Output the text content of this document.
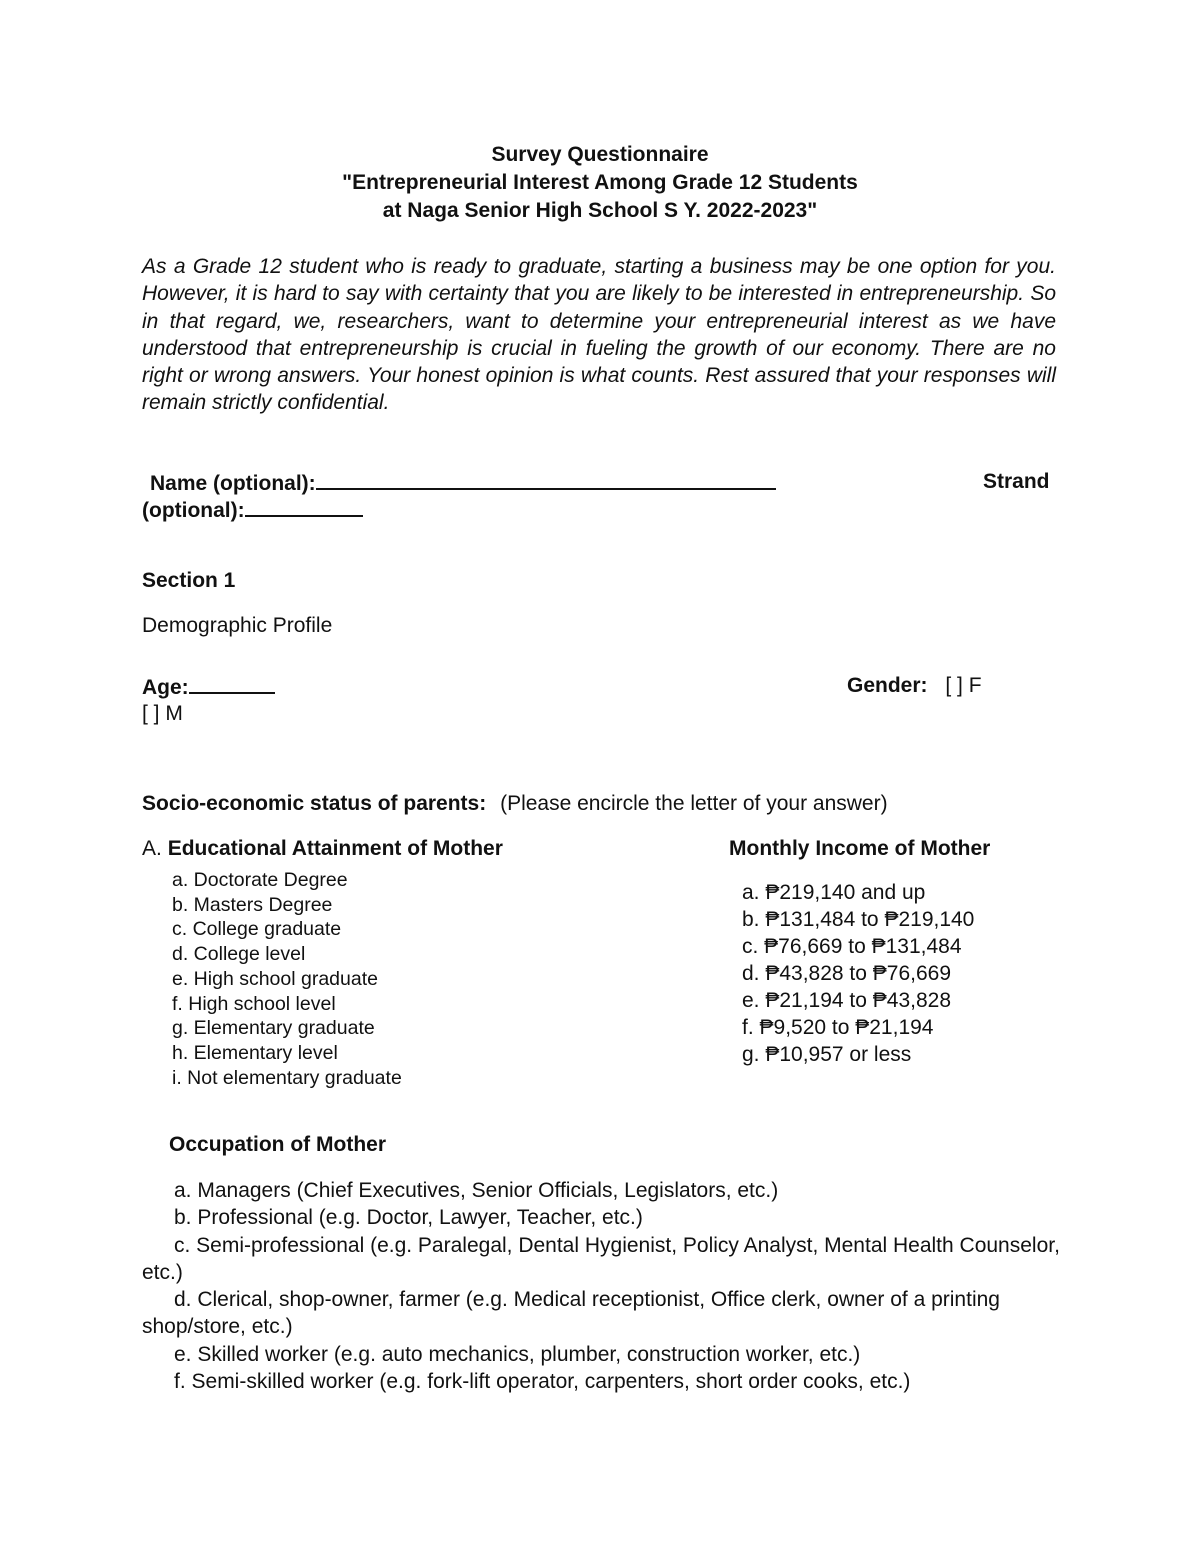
Survey Questionnaire
"Entrepreneurial Interest Among Grade 12 Students
at Naga Senior High School S Y. 2022-2023"
As a Grade 12 student who is ready to graduate, starting a business may be one option for you. However, it is hard to say with certainty that you are likely to be interested in entrepreneurship. So in that regard, we, researchers, want to determine your entrepreneurial interest as we have understood that entrepreneurship is crucial in fueling the growth of our economy. There are no right or wrong answers. Your honest opinion is what counts. Rest assured that your responses will remain strictly confidential.
Name (optional):	Strand
(optional):
Section 1
Demographic Profile
Age:	Gender: [ ] F
[ ] M
Socio-economic status of parents: (Please encircle the letter of your answer)
A. Educational Attainment of Mother
a. Doctorate Degree
b. Masters Degree
c. College graduate
d. College level
e. High school graduate
f. High school level
g. Elementary graduate
h. Elementary level
i. Not elementary graduate
Monthly Income of Mother
a. ₱219,140 and up
b. ₱131,484 to ₱219,140
c. ₱76,669 to ₱131,484
d. ₱43,828 to ₱76,669
e. ₱21,194 to ₱43,828
f. ₱9,520 to ₱21,194
g. ₱10,957 or less
Occupation of Mother

a. Managers (Chief Executives, Senior Officials, Legislators, etc.)

b. Professional (e.g. Doctor, Lawyer, Teacher, etc.)

c. Semi-professional (e.g. Paralegal, Dental Hygienist, Policy Analyst, Mental Health Counselor, etc.)

d. Clerical, shop-owner, farmer (e.g. Medical receptionist, Office clerk, owner of a printing shop/store, etc.)

e. Skilled worker (e.g. auto mechanics, plumber, construction worker, etc.)

f. Semi-skilled worker (e.g. fork-lift operator, carpenters, short order cooks, etc.)
